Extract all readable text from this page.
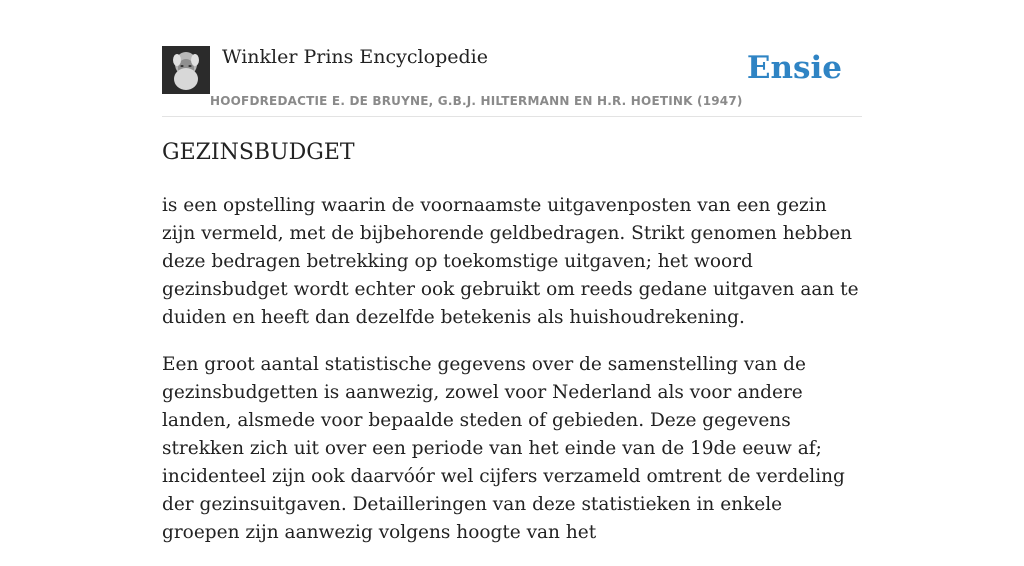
Winkler Prins Encyclopedie
HOOFDREDACTIE E. DE BRUYNE, G.B.J. HILTERMANN EN H.R. HOETINK (1947)
Ensie
GEZINSBUDGET

is een opstelling waarin de voornaamste uitgavenposten van een gezin zijn vermeld, met de bijbehorende geldbedragen. Strikt genomen hebben deze bedragen betrekking op toekomstige uitgaven; het woord gezinsbudget wordt echter ook gebruikt om reeds gedane uitgaven aan te duiden en heeft dan dezelfde betekenis als huishoudrekening.

Een groot aantal statistische gegevens over de samenstelling van de gezinsbudgetten is aanwezig, zowel voor Nederland als voor andere landen, alsmede voor bepaalde steden of gebieden. Deze gegevens strekken zich uit over een periode van het einde van de 19de eeuw af; incidenteel zijn ook daarvóór wel cijfers verzameld omtrent de verdeling der gezinsuitgaven. Detailleringen van deze statistieken in enkele groepen zijn aanwezig volgens hoogte van het
